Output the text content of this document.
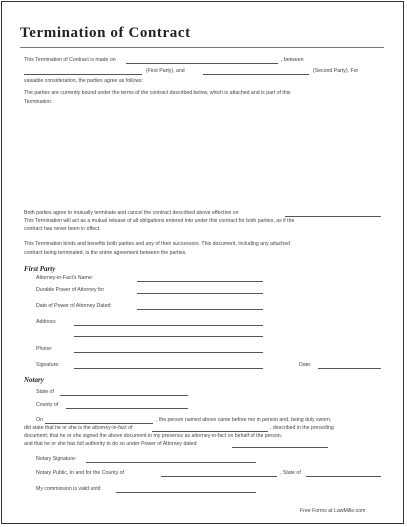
Termination of Contract
This Termination of Contract is made on	, between
(First Party), and	(Second Party). For
valuable consideration, the parties agree as follows:
The parties are currently bound under the terms of the contract described below, which is attached and is part of this
Termination:
Both parties agree to mutually terminate and cancel the contract described above effective on
This Termination will act as a mutual release of all obligations entered into under this contract for both parties, as if the
contract has never been in effect.
This Termination binds and benefits both parties and any of their successors. This document, including any attached
contract being terminated, is the entire agreement between the parties.
First Party
Attorney-in-Fact's Name:
Durable Power of Attorney for
Date of Power of Attorney Dated:
Address:
Phone:
Signature:	Date:
Notary
State of
County of
On	, the person named above came before me in person and, being duly sworn,
did state that he or she is the attorney-in-fact of	, described in the preceding
document; that he or she signed the above document in my presence as attorney-in-fact on behalf of the person,
and that he or she has full authority to do so under Power of Attorney dated
Notary Signature:
Notary Public, In and for the County of	, State of
My commission is valid until:
Free Forms at LawMille.com
